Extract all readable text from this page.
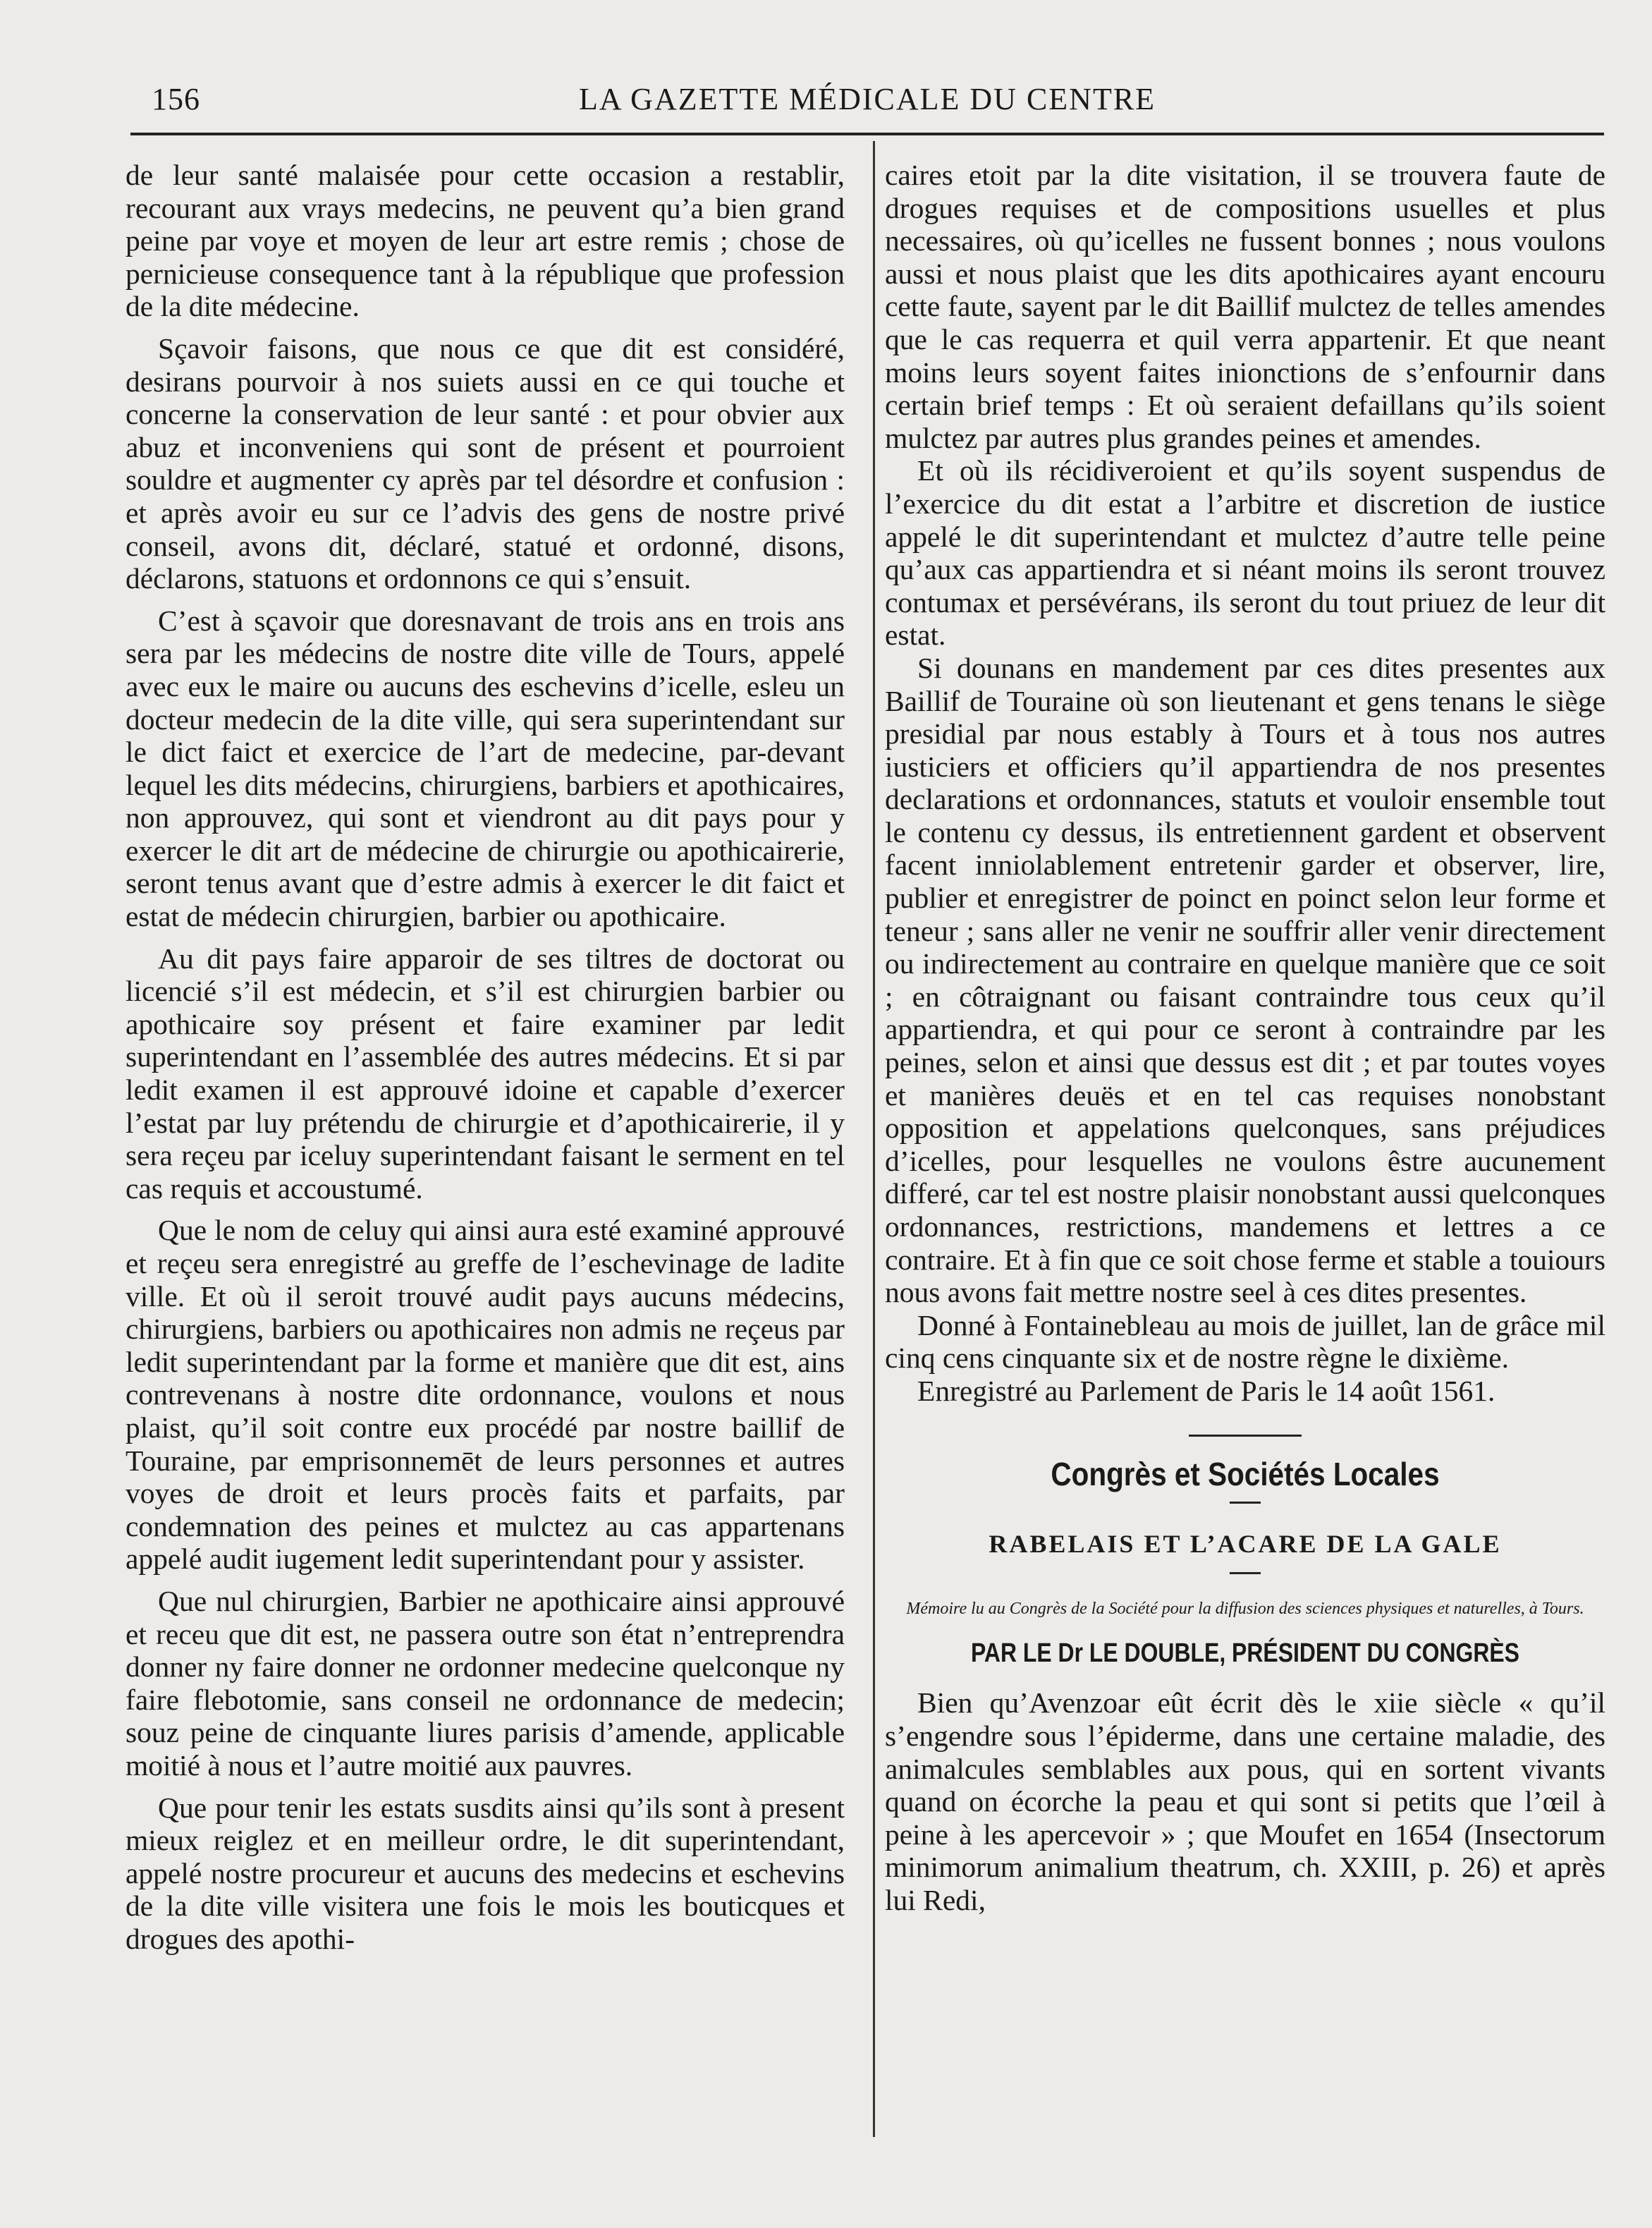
156	LA GAZETTE MÉDICALE DU CENTRE

de leur santé malaisée pour cette occasion a restablir, recourant aux vrays medecins, ne peuvent qu’a bien grand peine par voye et moyen de leur art estre remis ; chose de pernicieuse consequence tant à la république que profession de la dite médecine.

Sçavoir faisons, que nous ce que dit est considéré, desirans pourvoir à nos suiets aussi en ce qui touche et concerne la conservation de leur santé : et pour obvier aux abuz et inconveniens qui sont de présent et pourroient souldre et augmenter cy après par tel désordre et confusion : et après avoir eu sur ce l’advis des gens de nostre privé conseil, avons dit, déclaré, statué et ordonné, disons, déclarons, statuons et ordonnons ce qui s’ensuit.

C’est à sçavoir que doresnavant de trois ans en trois ans sera par les médecins de nostre dite ville de Tours, appelé avec eux le maire ou aucuns des eschevins d’icelle, esleu un docteur medecin de la dite ville, qui sera superintendant sur le dict faict et exercice de l’art de medecine, par-devant lequel les dits médecins, chirurgiens, barbiers et apothicaires, non approuvez, qui sont et viendront au dit pays pour y exercer le dit art de médecine de chirurgie ou apothicairerie, seront tenus avant que d’estre admis à exercer le dit faict et estat de médecin chirurgien, barbier ou apothicaire.

Au dit pays faire apparoir de ses tiltres de doctorat ou licencié s’il est médecin, et s’il est chirurgien barbier ou apothicaire soy présent et faire examiner par ledit superintendant en l’assemblée des autres médecins. Et si par ledit examen il est approuvé idoine et capable d’exercer l’estat par luy prétendu de chirurgie et d’apothicairerie, il y sera reçeu par iceluy superintendant faisant le serment en tel cas requis et accoustumé.

Que le nom de celuy qui ainsi aura esté examiné approuvé et reçeu sera enregistré au greffe de l’eschevinage de ladite ville. Et où il seroit trouvé audit pays aucuns médecins, chirurgiens, barbiers ou apothicaires non admis ne reçeus par ledit superintendant par la forme et manière que dit est, ains contrevenans à nostre dite ordonnance, voulons et nous plaist, qu’il soit contre eux procédé par nostre baillif de Touraine, par emprisonnemēt de leurs personnes et autres voyes de droit et leurs procès faits et parfaits, par condemnation des peines et mulctez au cas appartenans appelé audit iugement ledit superintendant pour y assister.

Que nul chirurgien, Barbier ne apothicaire ainsi approuvé et receu que dit est, ne passera outre son état n’entreprendra donner ny faire donner ne ordonner medecine quelconque ny faire flebotomie, sans conseil ne ordonnance de medecin; souz peine de cinquante liures parisis d’amende, applicable moitié à nous et l’autre moitié aux pauvres.

Que pour tenir les estats susdits ainsi qu’ils sont à present mieux reiglez et en meilleur ordre, le dit superintendant, appelé nostre procureur et aucuns des medecins et eschevins de la dite ville visitera une fois le mois les bouticques et drogues des apothi-

caires etoit par la dite visitation, il se trouvera faute de drogues requises et de compositions usuelles et plus necessaires, où qu’icelles ne fussent bonnes ; nous voulons aussi et nous plaist que les dits apothicaires ayant encouru cette faute, sayent par le dit Baillif mulctez de telles amendes que le cas requerra et quil verra appartenir. Et que neant moins leurs soyent faites inionctions de s’enfournir dans certain brief temps : Et où seraient defaillans qu’ils soient mulctez par autres plus grandes peines et amendes.

Et où ils récidiveroient et qu’ils soyent suspendus de l’exercice du dit estat a l’arbitre et discretion de iustice appelé le dit superintendant et mulctez d’autre telle peine qu’aux cas appartiendra et si néant moins ils seront trouvez contumax et persévérans, ils seront du tout priuez de leur dit estat.

Si dounans en mandement par ces dites presentes aux Baillif de Touraine où son lieutenant et gens tenans le siège presidial par nous estably à Tours et à tous nos autres iusticiers et officiers qu’il appartiendra de nos presentes declarations et ordonnances, statuts et vouloir ensemble tout le contenu cy dessus, ils entretiennent gardent et observent facent inniolablement entretenir garder et observer, lire, publier et enregistrer de poinct en poinct selon leur forme et teneur ; sans aller ne venir ne souffrir aller venir directement ou indirectement au contraire en quelque manière que ce soit ; en côtraignant ou faisant contraindre tous ceux qu’il appartiendra, et qui pour ce seront à contraindre par les peines, selon et ainsi que dessus est dit ; et par toutes voyes et manières deuës et en tel cas requises nonobstant opposition et appelations quelconques, sans préjudices d’icelles, pour lesquelles ne voulons êstre aucunement differé, car tel est nostre plaisir nonobstant aussi quelconques ordonnances, restrictions, mandemens et lettres a ce contraire. Et à fin que ce soit chose ferme et stable a touiours nous avons fait mettre nostre seel à ces dites presentes.

Donné à Fontainebleau au mois de juillet, lan de grâce mil cinq cens cinquante six et de nostre règne le dixième.

Enregistré au Parlement de Paris le 14 août 1561.

Congrès et Sociétés Locales
RABELAIS ET L’ACARE DE LA GALE
Mémoire lu au Congrès de la Société pour la diffusion des sciences physiques et naturelles, à Tours.
PAR LE Dr LE DOUBLE, PRÉSIDENT DU CONGRÈS

Bien qu’Avenzoar eût écrit dès le xiie siècle « qu’il s’engendre sous l’épiderme, dans une certaine maladie, des animalcules semblables aux pous, qui en sortent vivants quand on écorche la peau et qui sont si petits que l’œil à peine à les apercevoir » ; que Moufet en 1654 (Insectorum minimorum animalium theatrum, ch. XXIII, p. 26) et après lui Redi,
